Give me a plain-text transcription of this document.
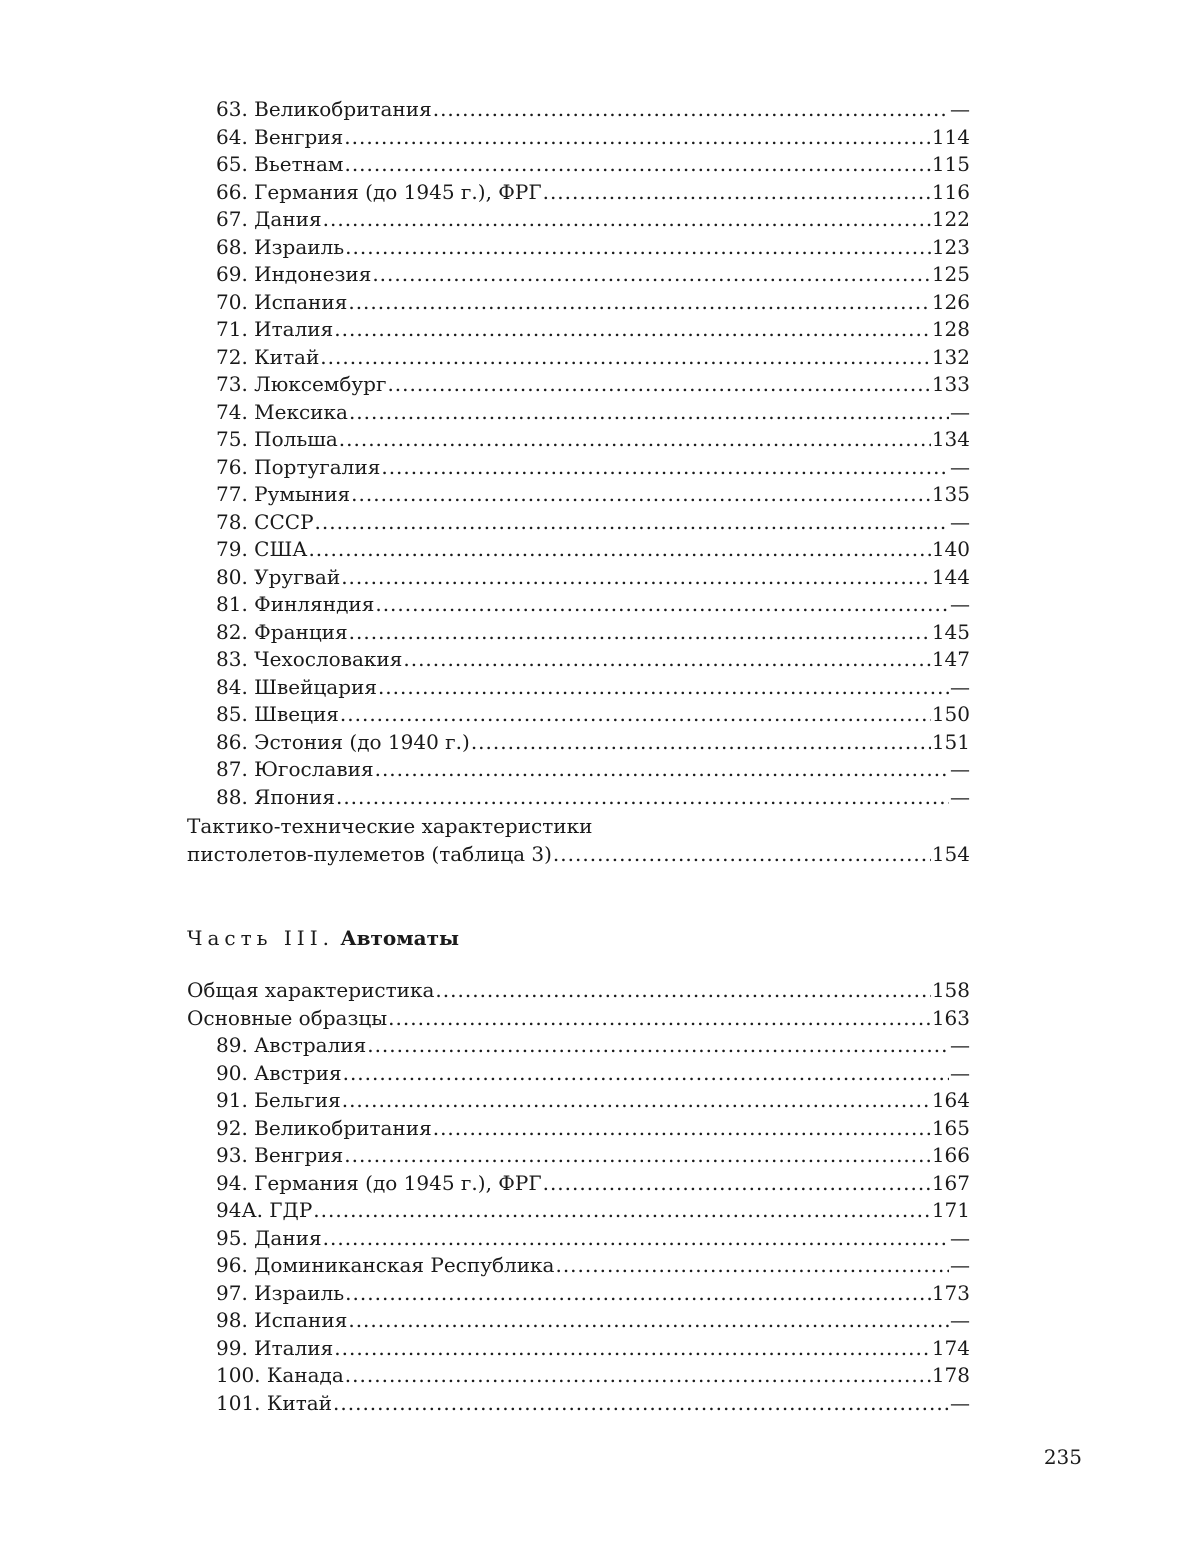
63. Великобритания .....	—
64. Венгрия .....	114
65. Вьетнам .....	115
66. Германия (до 1945 г.), ФРГ .....	116
67. Дания .....	122
68. Израиль .....	123
69. Индонезия .....	125
70. Испания .....	126
71. Италия .....	128
72. Китай .....	132
73. Люксембург .....	133
74. Мексика .....	—
75. Польша .....	134
76. Португалия .....	—
77. Румыния .....	135
78. СССР .....	—
79. США .....	140
80. Уругвай .....	144
81. Финляндия .....	—
82. Франция .....	145
83. Чехословакия .....	147
84. Швейцария .....	—
85. Швеция .....	150
86. Эстония (до 1940 г.) .....	151
87. Югославия .....	—
88. Япония .....	—
Тактико-технические характеристики
пистолетов-пулеметов (таблица 3) .....	154
Часть III. Автоматы
Общая характеристика .....	158
Основные образцы .....	163
89. Австралия .....	—
90. Австрия .....	—
91. Бельгия .....	164
92. Великобритания .....	165
93. Венгрия .....	166
94. Германия (до 1945 г.), ФРГ .....	167
94А. ГДР .....	171
95. Дания .....	—
96. Доминиканская Республика .....	—
97. Израиль .....	173
98. Испания .....	—
99. Италия .....	174
100. Канада .....	178
101. Китай .....	—
235
